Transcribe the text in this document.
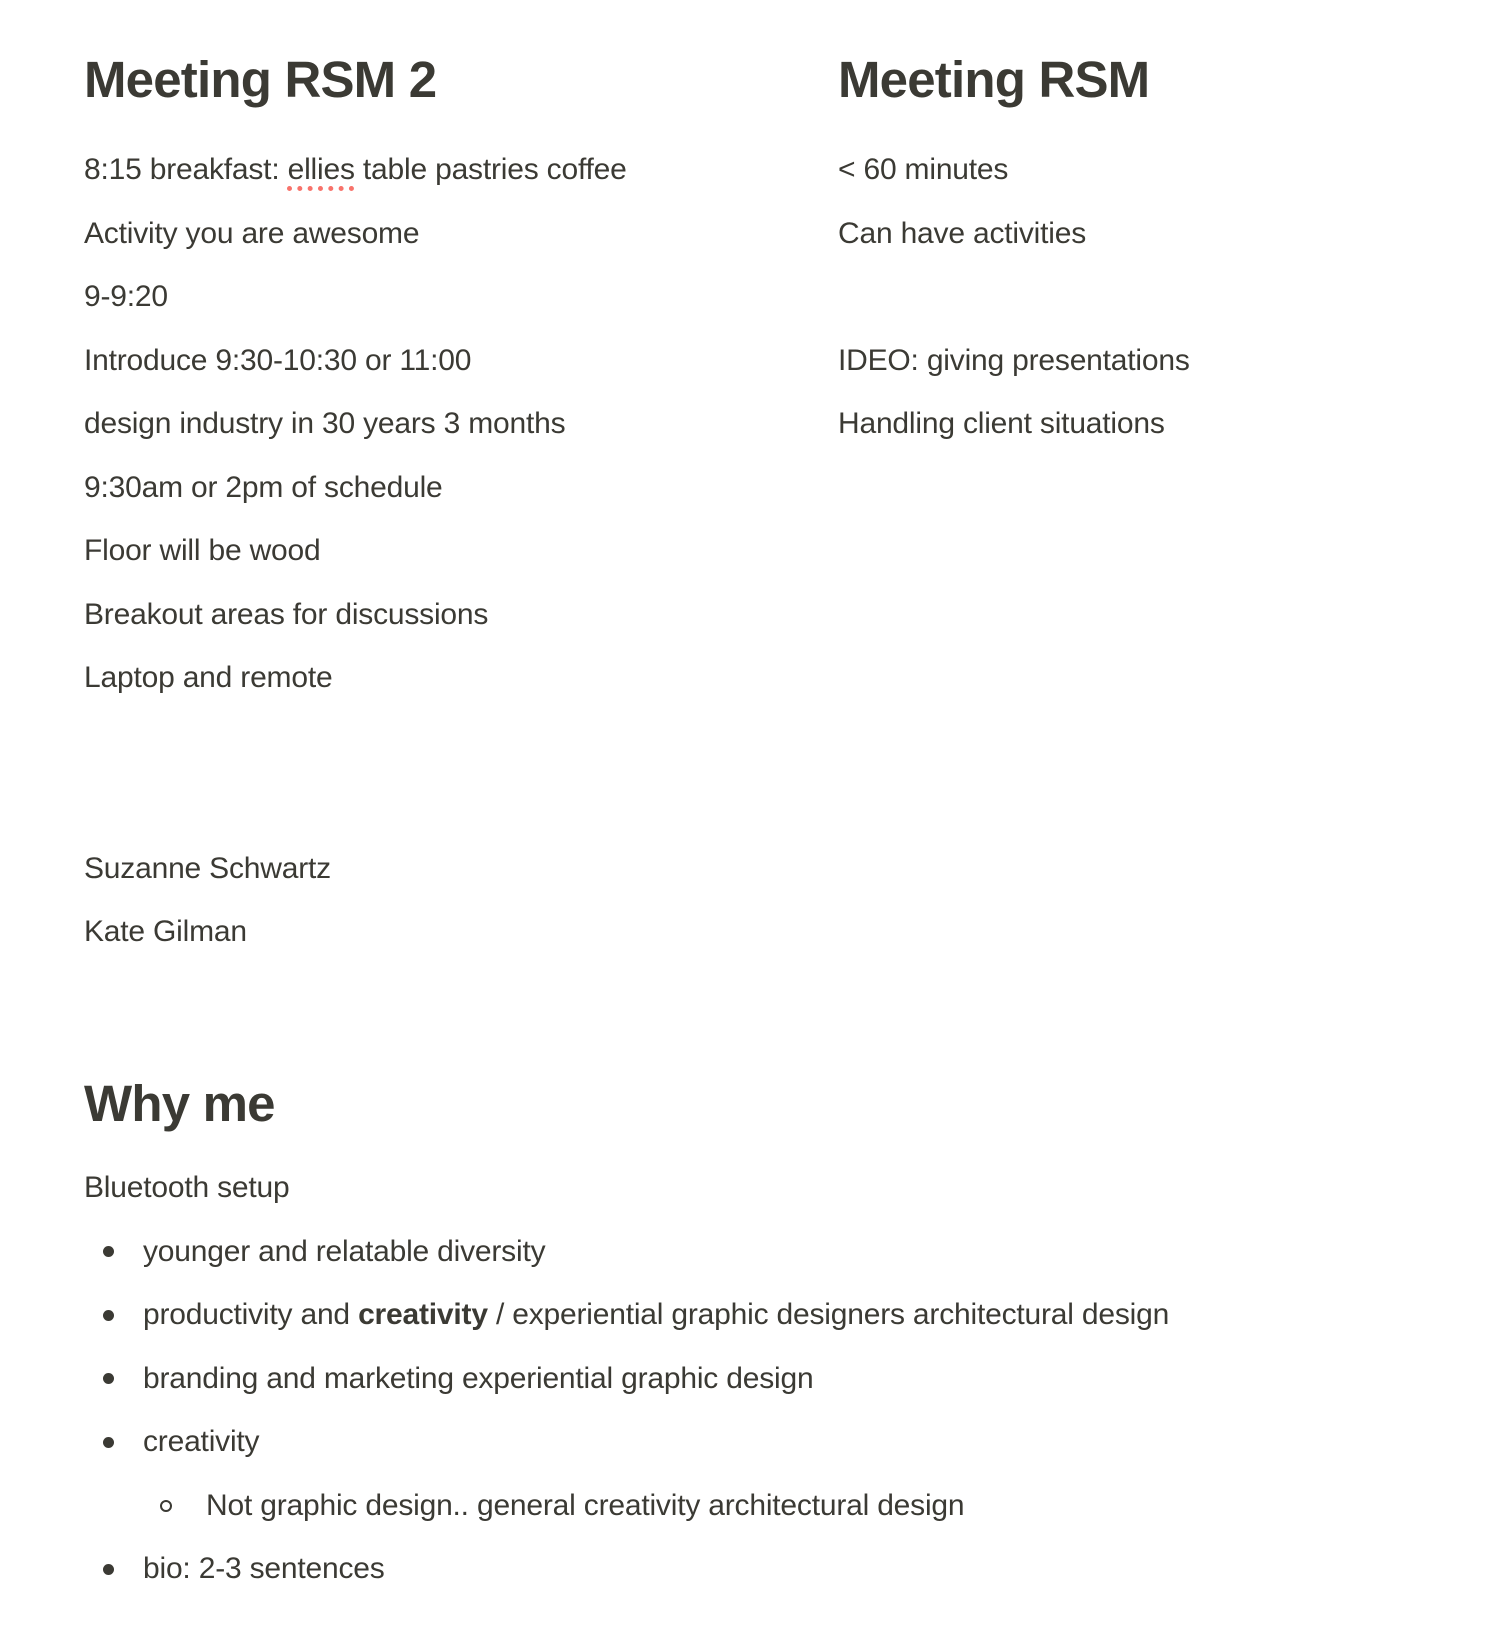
Meeting RSM 2	Meeting RSM

8:15 breakfast: ellies table pastries coffee

Activity you are awesome

9-9:20

Introduce 9:30-10:30 or 11:00

design industry in 30 years 3 months

9:30am or 2pm of schedule

Floor will be wood

Breakout areas for discussions

Laptop and remote

Suzanne Schwartz

Kate Gilman

< 60 minutes

Can have activities

IDEO: giving presentations

Handling client situations

Why me

Bluetooth setup

younger and relatable diversity
productivity and creativity / experiential graphic designers architectural design
branding and marketing experiential graphic design
creativity
Not graphic design.. general creativity architectural design
bio: 2-3 sentences
